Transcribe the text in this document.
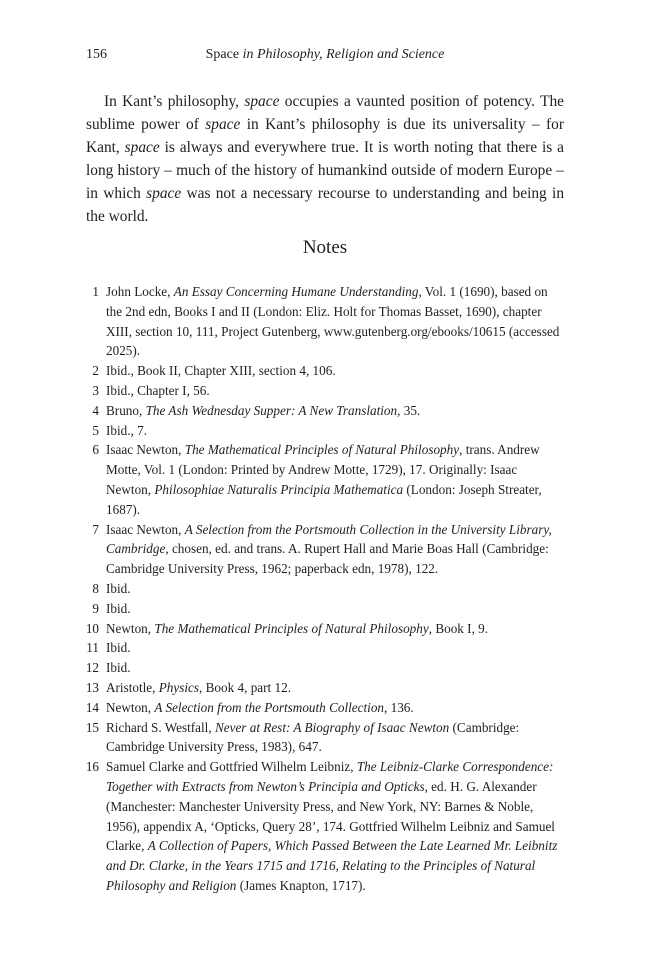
156	Space in Philosophy, Religion and Science

In Kant’s philosophy, space occupies a vaunted position of potency. The sublime power of space in Kant’s philosophy is due its universality – for Kant, space is always and everywhere true. It is worth noting that there is a long history – much of the history of humankind outside of modern Europe – in which space was not a necessary recourse to understanding and being in the world.

Notes
1 John Locke, An Essay Concerning Humane Understanding, Vol. 1 (1690), based on the 2nd edn, Books I and II (London: Eliz. Holt for Thomas Basset, 1690), chapter XIII, section 10, 111, Project Gutenberg, www.gutenberg.org/ebooks/10615 (accessed 2025).
2 Ibid., Book II, Chapter XIII, section 4, 106.
3 Ibid., Chapter I, 56.
4 Bruno, The Ash Wednesday Supper: A New Translation, 35.
5 Ibid., 7.
6 Isaac Newton, The Mathematical Principles of Natural Philosophy, trans. Andrew Motte, Vol. 1 (London: Printed by Andrew Motte, 1729), 17. Originally: Isaac Newton, Philosophiae Naturalis Principia Mathematica (London: Joseph Streater, 1687).
7 Isaac Newton, A Selection from the Portsmouth Collection in the University Library, Cambridge, chosen, ed. and trans. A. Rupert Hall and Marie Boas Hall (Cambridge: Cambridge University Press, 1962; paperback edn, 1978), 122.
8 Ibid.
9 Ibid.
10 Newton, The Mathematical Principles of Natural Philosophy, Book I, 9.
11 Ibid.
12 Ibid.
13 Aristotle, Physics, Book 4, part 12.
14 Newton, A Selection from the Portsmouth Collection, 136.
15 Richard S. Westfall, Never at Rest: A Biography of Isaac Newton (Cambridge: Cambridge University Press, 1983), 647.
16 Samuel Clarke and Gottfried Wilhelm Leibniz, The Leibniz-Clarke Correspondence: Together with Extracts from Newton’s Principia and Opticks, ed. H. G. Alexander (Manchester: Manchester University Press, and New York, NY: Barnes & Noble, 1956), appendix A, ‘Opticks, Query 28’, 174. Gottfried Wilhelm Leibniz and Samuel Clarke, A Collection of Papers, Which Passed Between the Late Learned Mr. Leibnitz and Dr. Clarke, in the Years 1715 and 1716, Relating to the Principles of Natural Philosophy and Religion (James Knapton, 1717).
